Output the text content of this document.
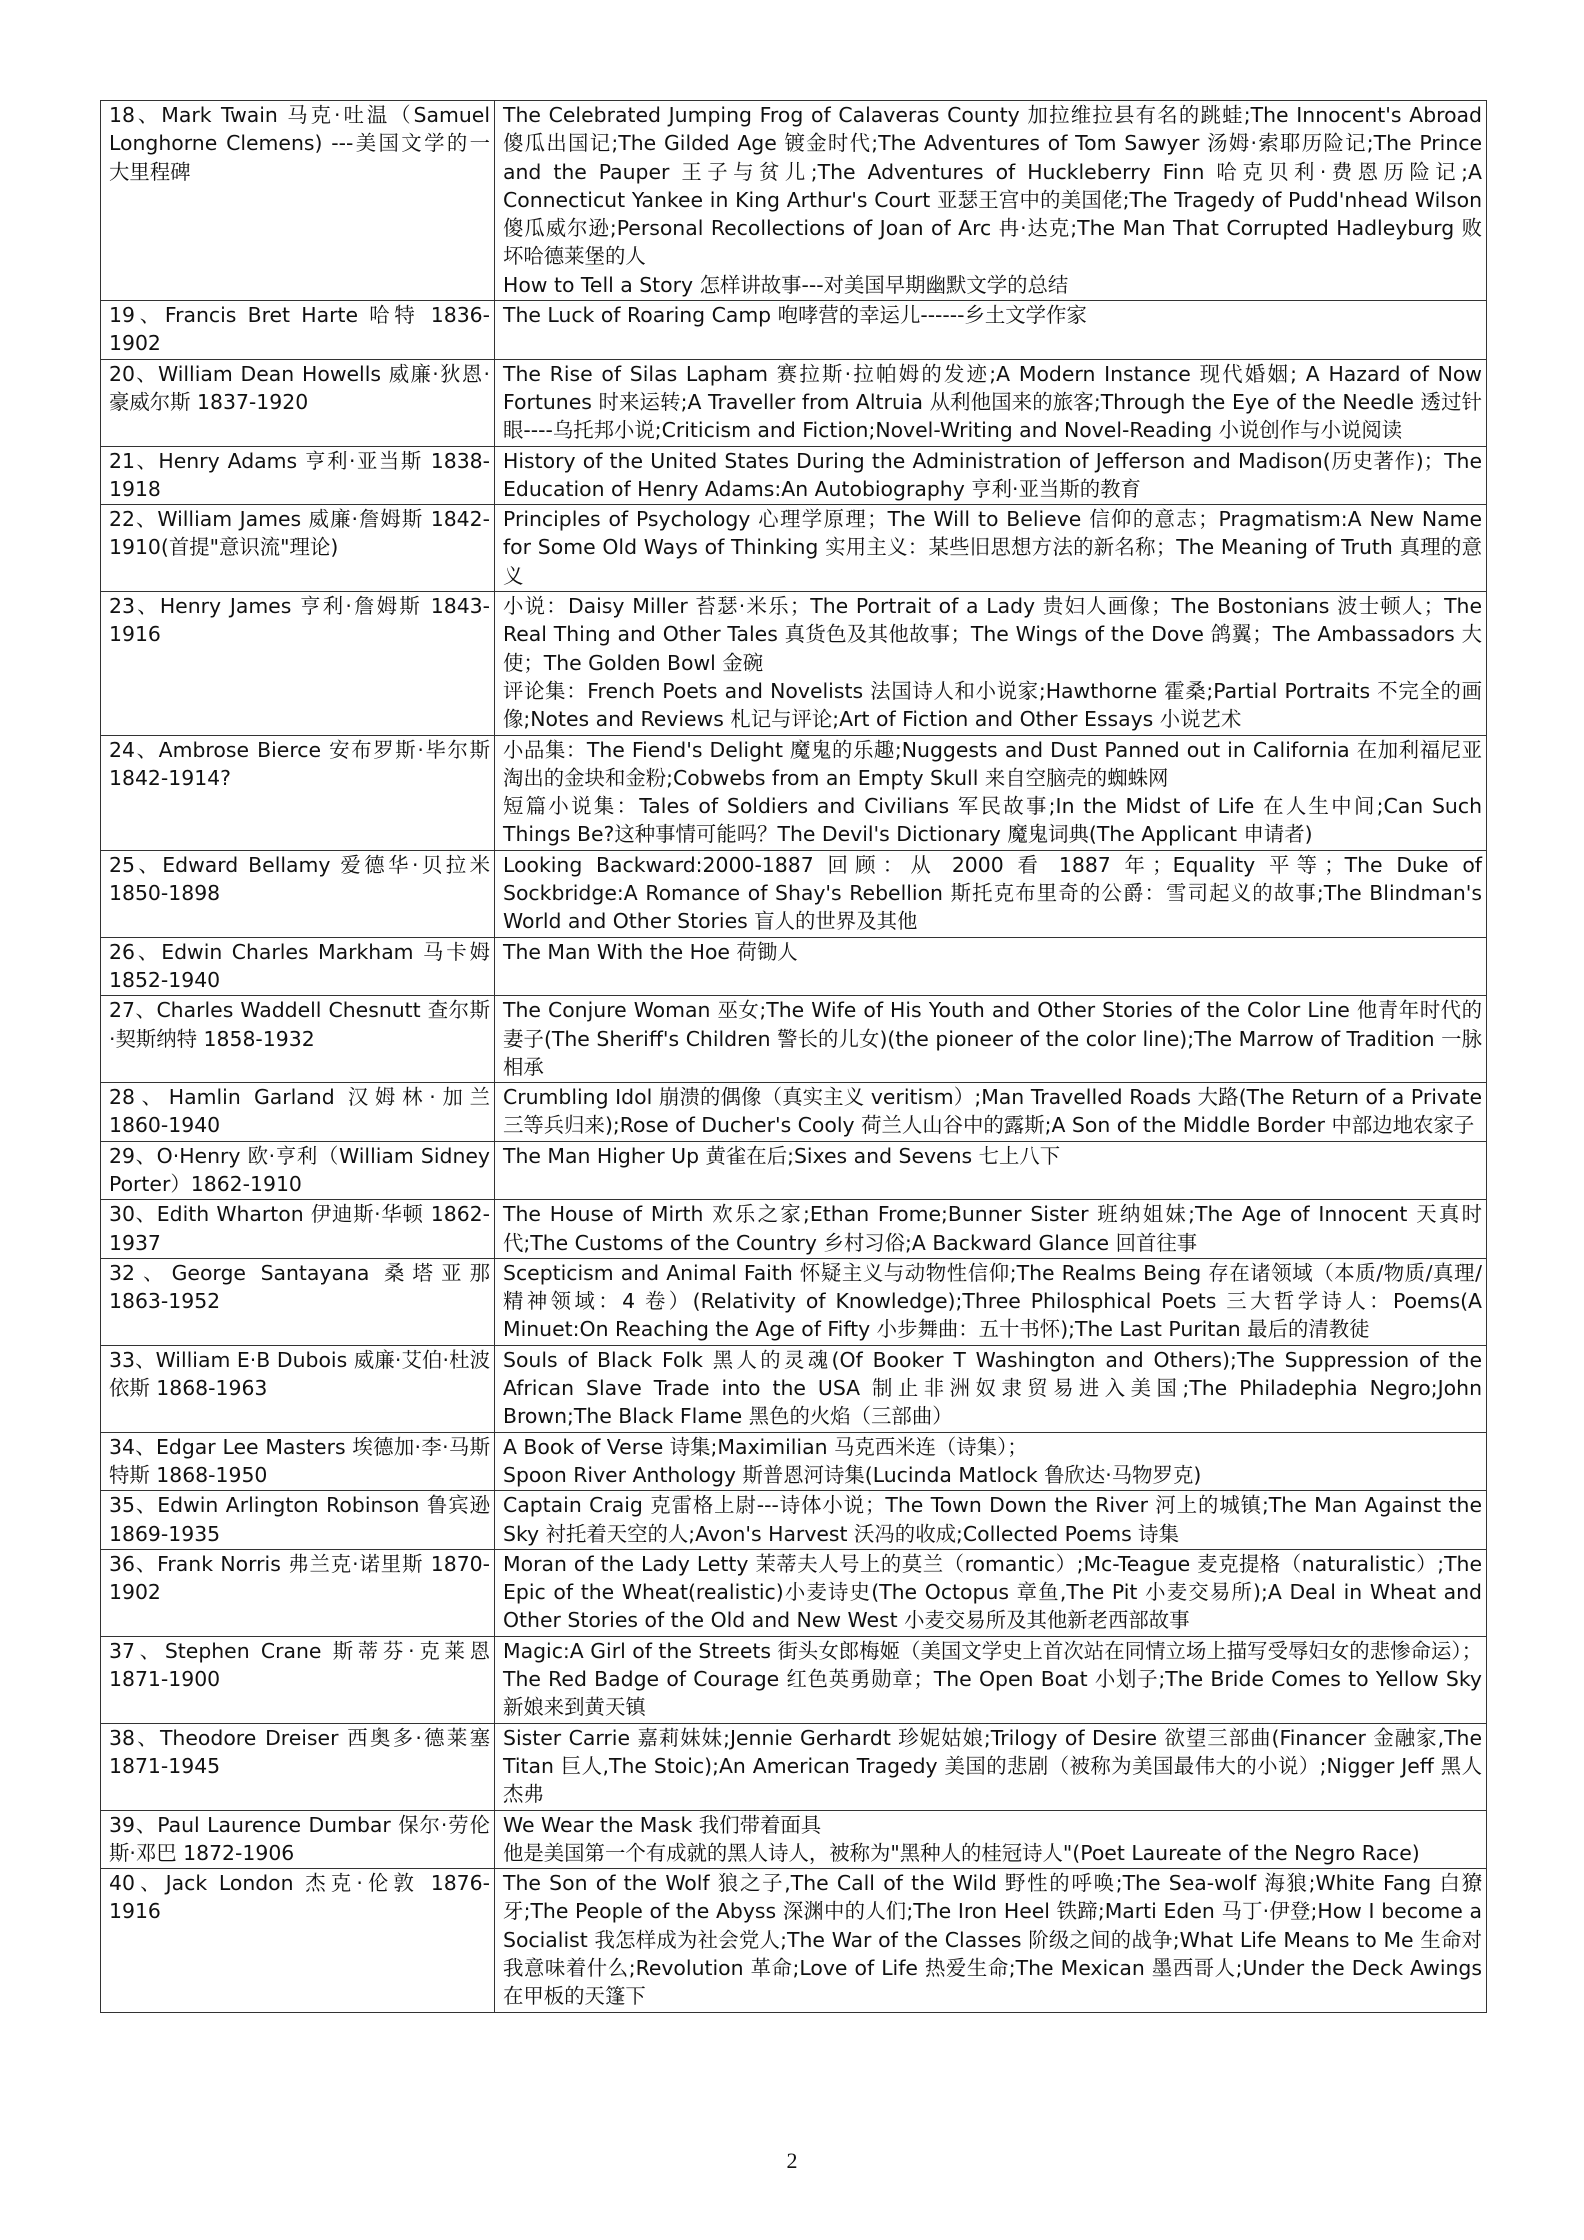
18、Mark Twain 马克·吐温（Samuel Longhorne Clemens) ---美国文学的一大里程碑	The Celebrated Jumping Frog of Calaveras County 加拉维拉县有名的跳蛙;The Innocent's Abroad 傻瓜出国记;The Gilded Age 镀金时代;The Adventures of Tom Sawyer 汤姆·索耶历险记;The Prince and the Pauper 王子与贫儿;The Adventures of Huckleberry Finn 哈克贝利·费恩历险记;A Connecticut Yankee in King Arthur's Court 亚瑟王宫中的美国佬;The Tragedy of Pudd'nhead Wilson 傻瓜威尔逊;Personal Recollections of Joan of Arc 冉·达克;The Man That Corrupted Hadleyburg 败坏哈德莱堡的人
How to Tell a Story 怎样讲故事---对美国早期幽默文学的总结

19、Francis Bret Harte 哈特 1836-1902	The Luck of Roaring Camp 咆哮营的幸运儿------乡土文学作家

20、William Dean Howells 威廉·狄恩·豪威尔斯 1837-1920	The Rise of Silas Lapham 赛拉斯·拉帕姆的发迹;A Modern Instance 现代婚姻; A Hazard of Now Fortunes 时来运转;A Traveller from Altruia 从利他国来的旅客;Through the Eye of the Needle 透过针眼----乌托邦小说;Criticism and Fiction;Novel-Writing and Novel-Reading 小说创作与小说阅读

21、Henry Adams 亨利·亚当斯 1838-1918	History of the United States During the Administration of Jefferson and Madison(历史著作)；The Education of Henry Adams:An Autobiography 亨利·亚当斯的教育

22、William James 威廉·詹姆斯 1842-1910(首提"意识流"理论)	Principles of Psychology 心理学原理；The Will to Believe 信仰的意志；Pragmatism:A New Name for Some Old Ways of Thinking 实用主义：某些旧思想方法的新名称；The Meaning of Truth 真理的意义

23、Henry James 亨利·詹姆斯 1843-1916	小说：Daisy Miller 苔瑟·米乐；The Portrait of a Lady 贵妇人画像；The Bostonians 波士顿人；The Real Thing and Other Tales 真货色及其他故事；The Wings of the Dove 鸽翼；The Ambassadors 大使；The Golden Bowl 金碗
评论集：French Poets and Novelists 法国诗人和小说家;Hawthorne 霍桑;Partial Portraits 不完全的画像;Notes and Reviews 札记与评论;Art of Fiction and Other Essays 小说艺术

24、Ambrose Bierce 安布罗斯·毕尔斯 1842-1914?	小品集：The Fiend's Delight 魔鬼的乐趣;Nuggests and Dust Panned out in California 在加利福尼亚淘出的金块和金粉;Cobwebs from an Empty Skull 来自空脑壳的蜘蛛网
短篇小说集：Tales of Soldiers and Civilians 军民故事;In the Midst of Life 在人生中间;Can Such Things Be?这种事情可能吗？The Devil's Dictionary 魔鬼词典(The Applicant 申请者)

25、Edward Bellamy 爱德华·贝拉米 1850-1898	Looking Backward:2000-1887 回顾：从 2000 看 1887 年；Equality 平等；The Duke of Sockbridge:A Romance of Shay's Rebellion 斯托克布里奇的公爵：雪司起义的故事;The Blindman's World and Other Stories 盲人的世界及其他

26、Edwin Charles Markham 马卡姆 1852-1940	The Man With the Hoe 荷锄人

27、Charles Waddell Chesnutt 查尔斯·契斯纳特 1858-1932	The Conjure Woman 巫女;The Wife of His Youth and Other Stories of the Color Line 他青年时代的妻子(The Sheriff's Children 警长的儿女)(the pioneer of the color line);The Marrow of Tradition 一脉相承

28、Hamlin Garland 汉姆林·加兰 1860-1940	Crumbling Idol 崩溃的偶像（真实主义 veritism）;Man Travelled Roads 大路(The Return of a Private 三等兵归来);Rose of Ducher's Cooly 荷兰人山谷中的露斯;A Son of the Middle Border 中部边地农家子

29、O·Henry 欧·亨利（William Sidney Porter）1862-1910	The Man Higher Up 黄雀在后;Sixes and Sevens 七上八下

30、Edith Wharton 伊迪斯·华顿 1862-1937	The House of Mirth 欢乐之家;Ethan Frome;Bunner Sister 班纳姐妹;The Age of Innocent 天真时代;The Customs of the Country 乡村习俗;A Backward Glance 回首往事

32、George Santayana 桑塔亚那 1863-1952	Scepticism and Animal Faith 怀疑主义与动物性信仰;The Realms Being 存在诸领域（本质/物质/真理/精神领域：4 卷）(Relativity of Knowledge);Three Philosphical Poets 三大哲学诗人：Poems(A Minuet:On Reaching the Age of Fifty 小步舞曲：五十书怀);The Last Puritan 最后的清教徒

33、William E·B Dubois 威廉·艾伯·杜波依斯 1868-1963	Souls of Black Folk 黑人的灵魂(Of Booker T Washington and Others);The Suppression of the African Slave Trade into the USA 制止非洲奴隶贸易进入美国;The Philadephia Negro;John Brown;The Black Flame 黑色的火焰（三部曲）

34、Edgar Lee Masters 埃德加·李·马斯特斯 1868-1950	A Book of Verse 诗集;Maximilian 马克西米连（诗集）；
Spoon River Anthology 斯普恩河诗集(Lucinda Matlock 鲁欣达·马物罗克)

35、Edwin Arlington Robinson 鲁宾逊 1869-1935	Captain Craig 克雷格上尉---诗体小说；The Town Down the River 河上的城镇;The Man Against the Sky 衬托着天空的人;Avon's Harvest 沃冯的收成;Collected Poems 诗集

36、Frank Norris 弗兰克·诺里斯 1870-1902	Moran of the Lady Letty 茉蒂夫人号上的莫兰（romantic）;Mc-Teague 麦克提格（naturalistic）;The Epic of the Wheat(realistic)小麦诗史(The Octopus 章鱼,The Pit 小麦交易所);A Deal in Wheat and Other Stories of the Old and New West 小麦交易所及其他新老西部故事

37、Stephen Crane 斯蒂芬·克莱恩 1871-1900	Magic:A Girl of the Streets 街头女郎梅姬（美国文学史上首次站在同情立场上描写受辱妇女的悲惨命运）；The Red Badge of Courage 红色英勇勋章；The Open Boat 小划子;The Bride Comes to Yellow Sky 新娘来到黄天镇

38、Theodore Dreiser 西奥多·德莱塞 1871-1945	Sister Carrie 嘉莉妹妹;Jennie Gerhardt 珍妮姑娘;Trilogy of Desire 欲望三部曲(Financer 金融家,The Titan 巨人,The Stoic);An American Tragedy 美国的悲剧（被称为美国最伟大的小说）;Nigger Jeff 黑人杰弗

39、Paul Laurence Dumbar 保尔·劳伦斯·邓巴 1872-1906	We Wear the Mask 我们带着面具
他是美国第一个有成就的黑人诗人，被称为"黑种人的桂冠诗人"(Poet Laureate of the Negro Race)

40、Jack London 杰克·伦敦 1876-1916	The Son of the Wolf 狼之子,The Call of the Wild 野性的呼唤;The Sea-wolf 海狼;White Fang 白獠牙;The People of the Abyss 深渊中的人们;The Iron Heel 铁蹄;Marti Eden 马丁·伊登;How I become a Socialist 我怎样成为社会党人;The War of the Classes 阶级之间的战争;What Life Means to Me 生命对我意味着什么;Revolution 革命;Love of Life 热爱生命;The Mexican 墨西哥人;Under the Deck Awings 在甲板的天篷下
2
